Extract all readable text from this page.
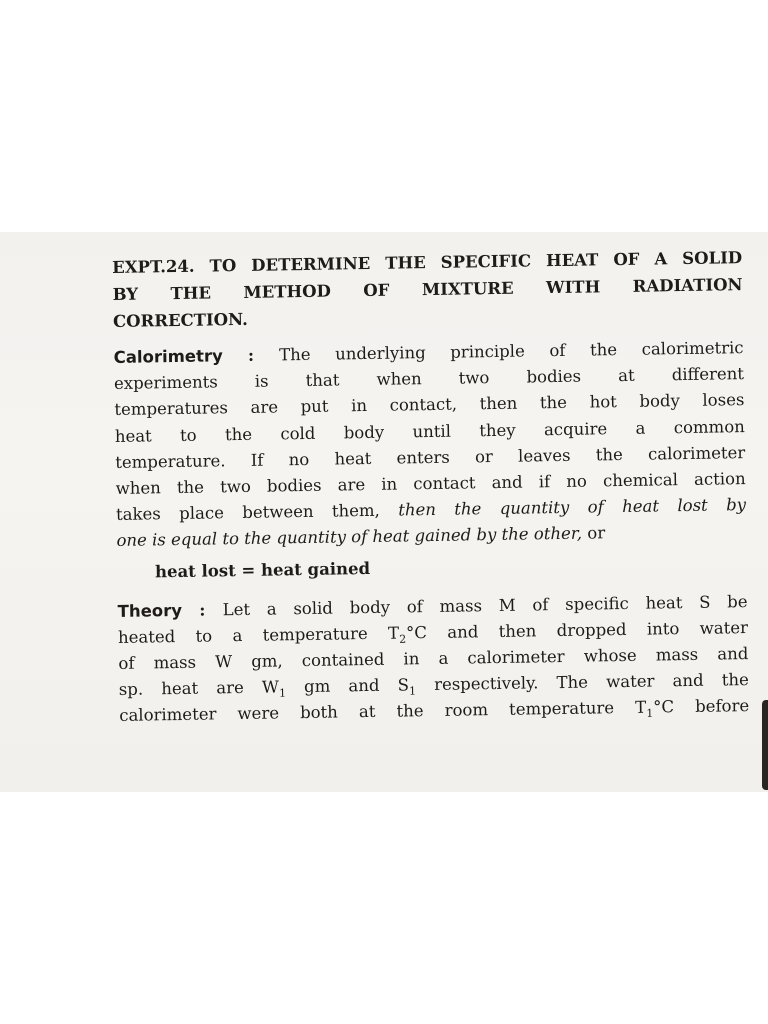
EXPT.24. TO DETERMINE THE SPECIFIC HEAT OF A SOLID
BY THE METHOD OF MIXTURE WITH RADIATION
CORRECTION.
Calorimetry : The underlying principle of the calorimetric
experiments is that when two bodies at different
temperatures are put in contact, then the hot body loses
heat to the cold body until they acquire a common
temperature. If no heat enters or leaves the calorimeter
when the two bodies are in contact and if no chemical action
takes place between them, then the quantity of heat lost by
one is equal to the quantity of heat gained by the other, or
heat lost = heat gained
Theory : Let a solid body of mass M of specific heat S be
heated to a temperature $T_2^\circ C$ and then dropped into water
of mass W gm, contained in a calorimeter whose mass and
sp. heat are $W_1$ gm and $S_1$ respectively. The water and the
calorimeter were both at the room temperature $T_1^\circ C$ before
